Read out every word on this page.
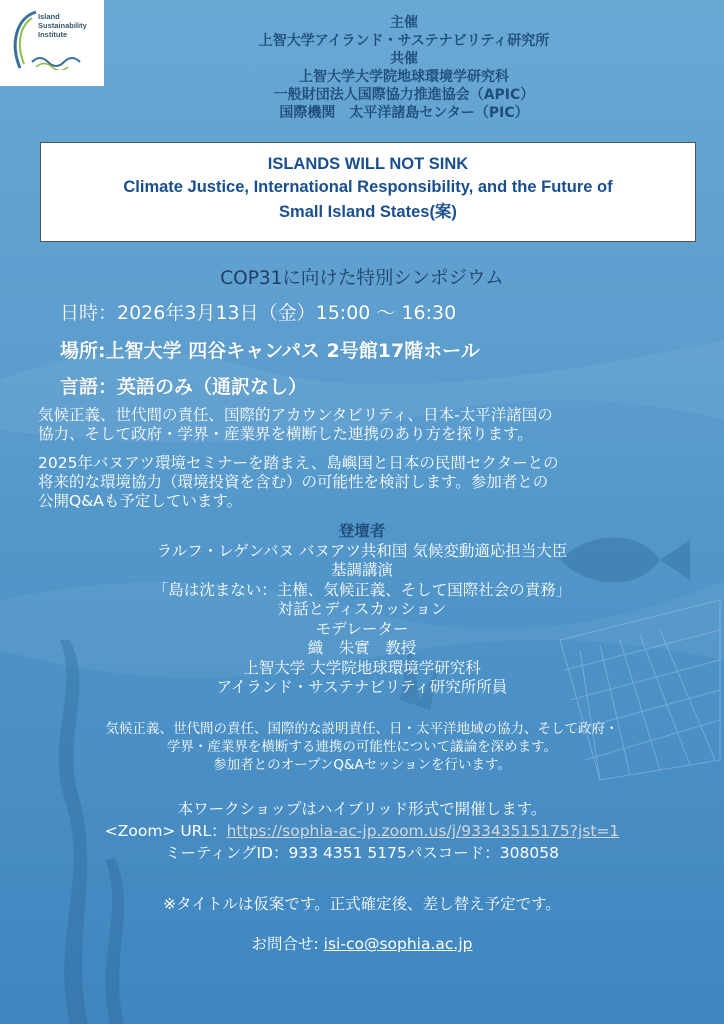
Island
Sustainability
Institute
主催
上智大学アイランド・サステナビリティ研究所
共催
上智大学大学院地球環境学研究科
一般財団法人国際協力推進協会（APIC）
国際機関　太平洋諸島センター（PIC）
ISLANDS WILL NOT SINK
Climate Justice, International Responsibility, and the Future of
Small Island States(案)
COP31に向けた特別シンポジウム
日時：2026年3月13日（金）15:00 ～ 16:30
場所:上智大学 四谷キャンパス 2号館17階ホール
言語：英語のみ（通訳なし）
気候正義、世代間の責任、国際的アカウンタビリティ、日本-太平洋諸国の
協力、そして政府・学界・産業界を横断した連携のあり方を探ります。
2025年バヌアツ環境セミナーを踏まえ、島嶼国と日本の民間セクターとの
将来的な環境協力（環境投資を含む）の可能性を検討します。参加者との
公開Q&Aも予定しています。
登壇者
ラルフ・レゲンバヌ バヌアツ共和国 気候変動適応担当大臣
基調講演
「島は沈まない：主権、気候正義、そして国際社会の責務」
対話とディスカッション
モデレーター
織　朱實　教授
上智大学 大学院地球環境学研究科
アイランド・サステナビリティ研究所所員
気候正義、世代間の責任、国際的な説明責任、日・太平洋地域の協力、そして政府・
学界・産業界を横断する連携の可能性について議論を深めます。
参加者とのオープンQ&Aセッションを行います。
本ワークショップはハイブリッド形式で開催します。
<Zoom> URL：https://sophia-ac-jp.zoom.us/j/93343515175?jst=1
ミーティングID：933 4351 5175パスコード：308058
※タイトルは仮案です。正式確定後、差し替え予定です。
お問合せ: isi-co@sophia.ac.jp
